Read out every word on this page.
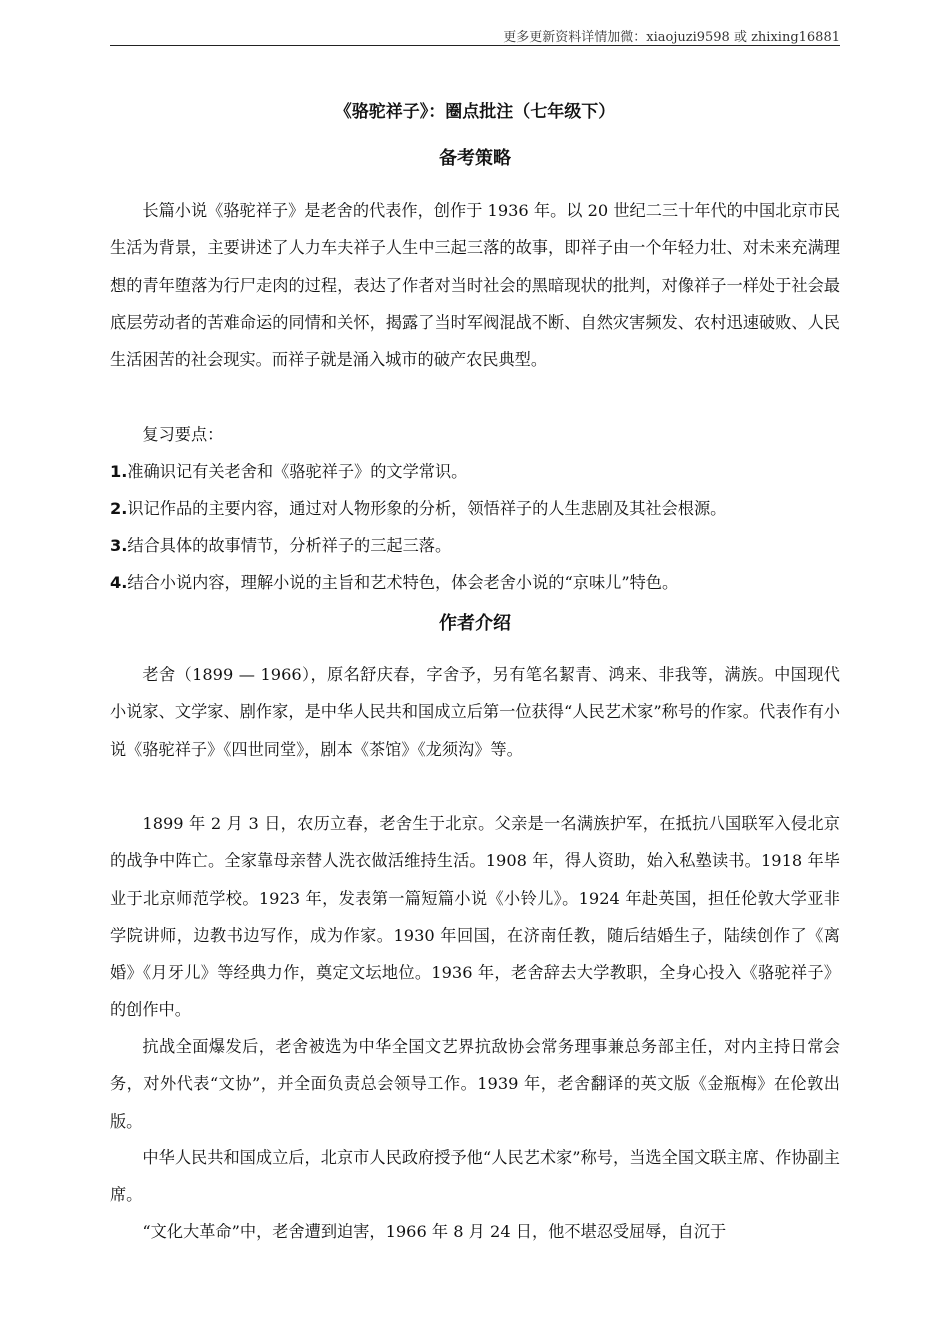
更多更新资料详情加微：xiaojuzi9598 或 zhixing16881
《骆驼祥子》：圈点批注（七年级下）
备考策略

长篇小说《骆驼祥子》是老舍的代表作，创作于 1936 年。以 20 世纪二三十年代的中国北京市民生活为背景，主要讲述了人力车夫祥子人生中三起三落的故事，即祥子由一个年轻力壮、对未来充满理想的青年堕落为行尸走肉的过程，表达了作者对当时社会的黑暗现状的批判，对像祥子一样处于社会最底层劳动者的苦难命运的同情和关怀，揭露了当时军阀混战不断、自然灾害频发、农村迅速破败、人民生活困苦的社会现实。而祥子就是涌入城市的破产农民典型。

复习要点：

1.准确识记有关老舍和《骆驼祥子》的文学常识。

2.识记作品的主要内容，通过对人物形象的分析，领悟祥子的人生悲剧及其社会根源。

3.结合具体的故事情节，分析祥子的三起三落。

4.结合小说内容，理解小说的主旨和艺术特色，体会老舍小说的“京味儿”特色。

作者介绍

老舍（1899 — 1966），原名舒庆春，字舍予，另有笔名絜青、鸿来、非我等，满族。中国现代小说家、文学家、剧作家，是中华人民共和国成立后第一位获得“人民艺术家”称号的作家。代表作有小说《骆驼祥子》《四世同堂》，剧本《茶馆》《龙须沟》等。

1899 年 2 月 3 日，农历立春，老舍生于北京。父亲是一名满族护军，在抵抗八国联军入侵北京的战争中阵亡。全家靠母亲替人洗衣做活维持生活。1908 年，得人资助，始入私塾读书。1918 年毕业于北京师范学校。1923 年，发表第一篇短篇小说《小铃儿》。1924 年赴英国，担任伦敦大学亚非学院讲师，边教书边写作，成为作家。1930 年回国，在济南任教，随后结婚生子，陆续创作了《离婚》《月牙儿》等经典力作，奠定文坛地位。1936 年，老舍辞去大学教职，全身心投入《骆驼祥子》的创作中。

抗战全面爆发后，老舍被选为中华全国文艺界抗敌协会常务理事兼总务部主任，对内主持日常会务，对外代表“文协”，并全面负责总会领导工作。1939 年，老舍翻译的英文版《金瓶梅》在伦敦出版。

中华人民共和国成立后，北京市人民政府授予他“人民艺术家”称号，当选全国文联主席、作协副主席。

“文化大革命”中，老舍遭到迫害，1966 年 8 月 24 日，他不堪忍受屈辱，自沉于
